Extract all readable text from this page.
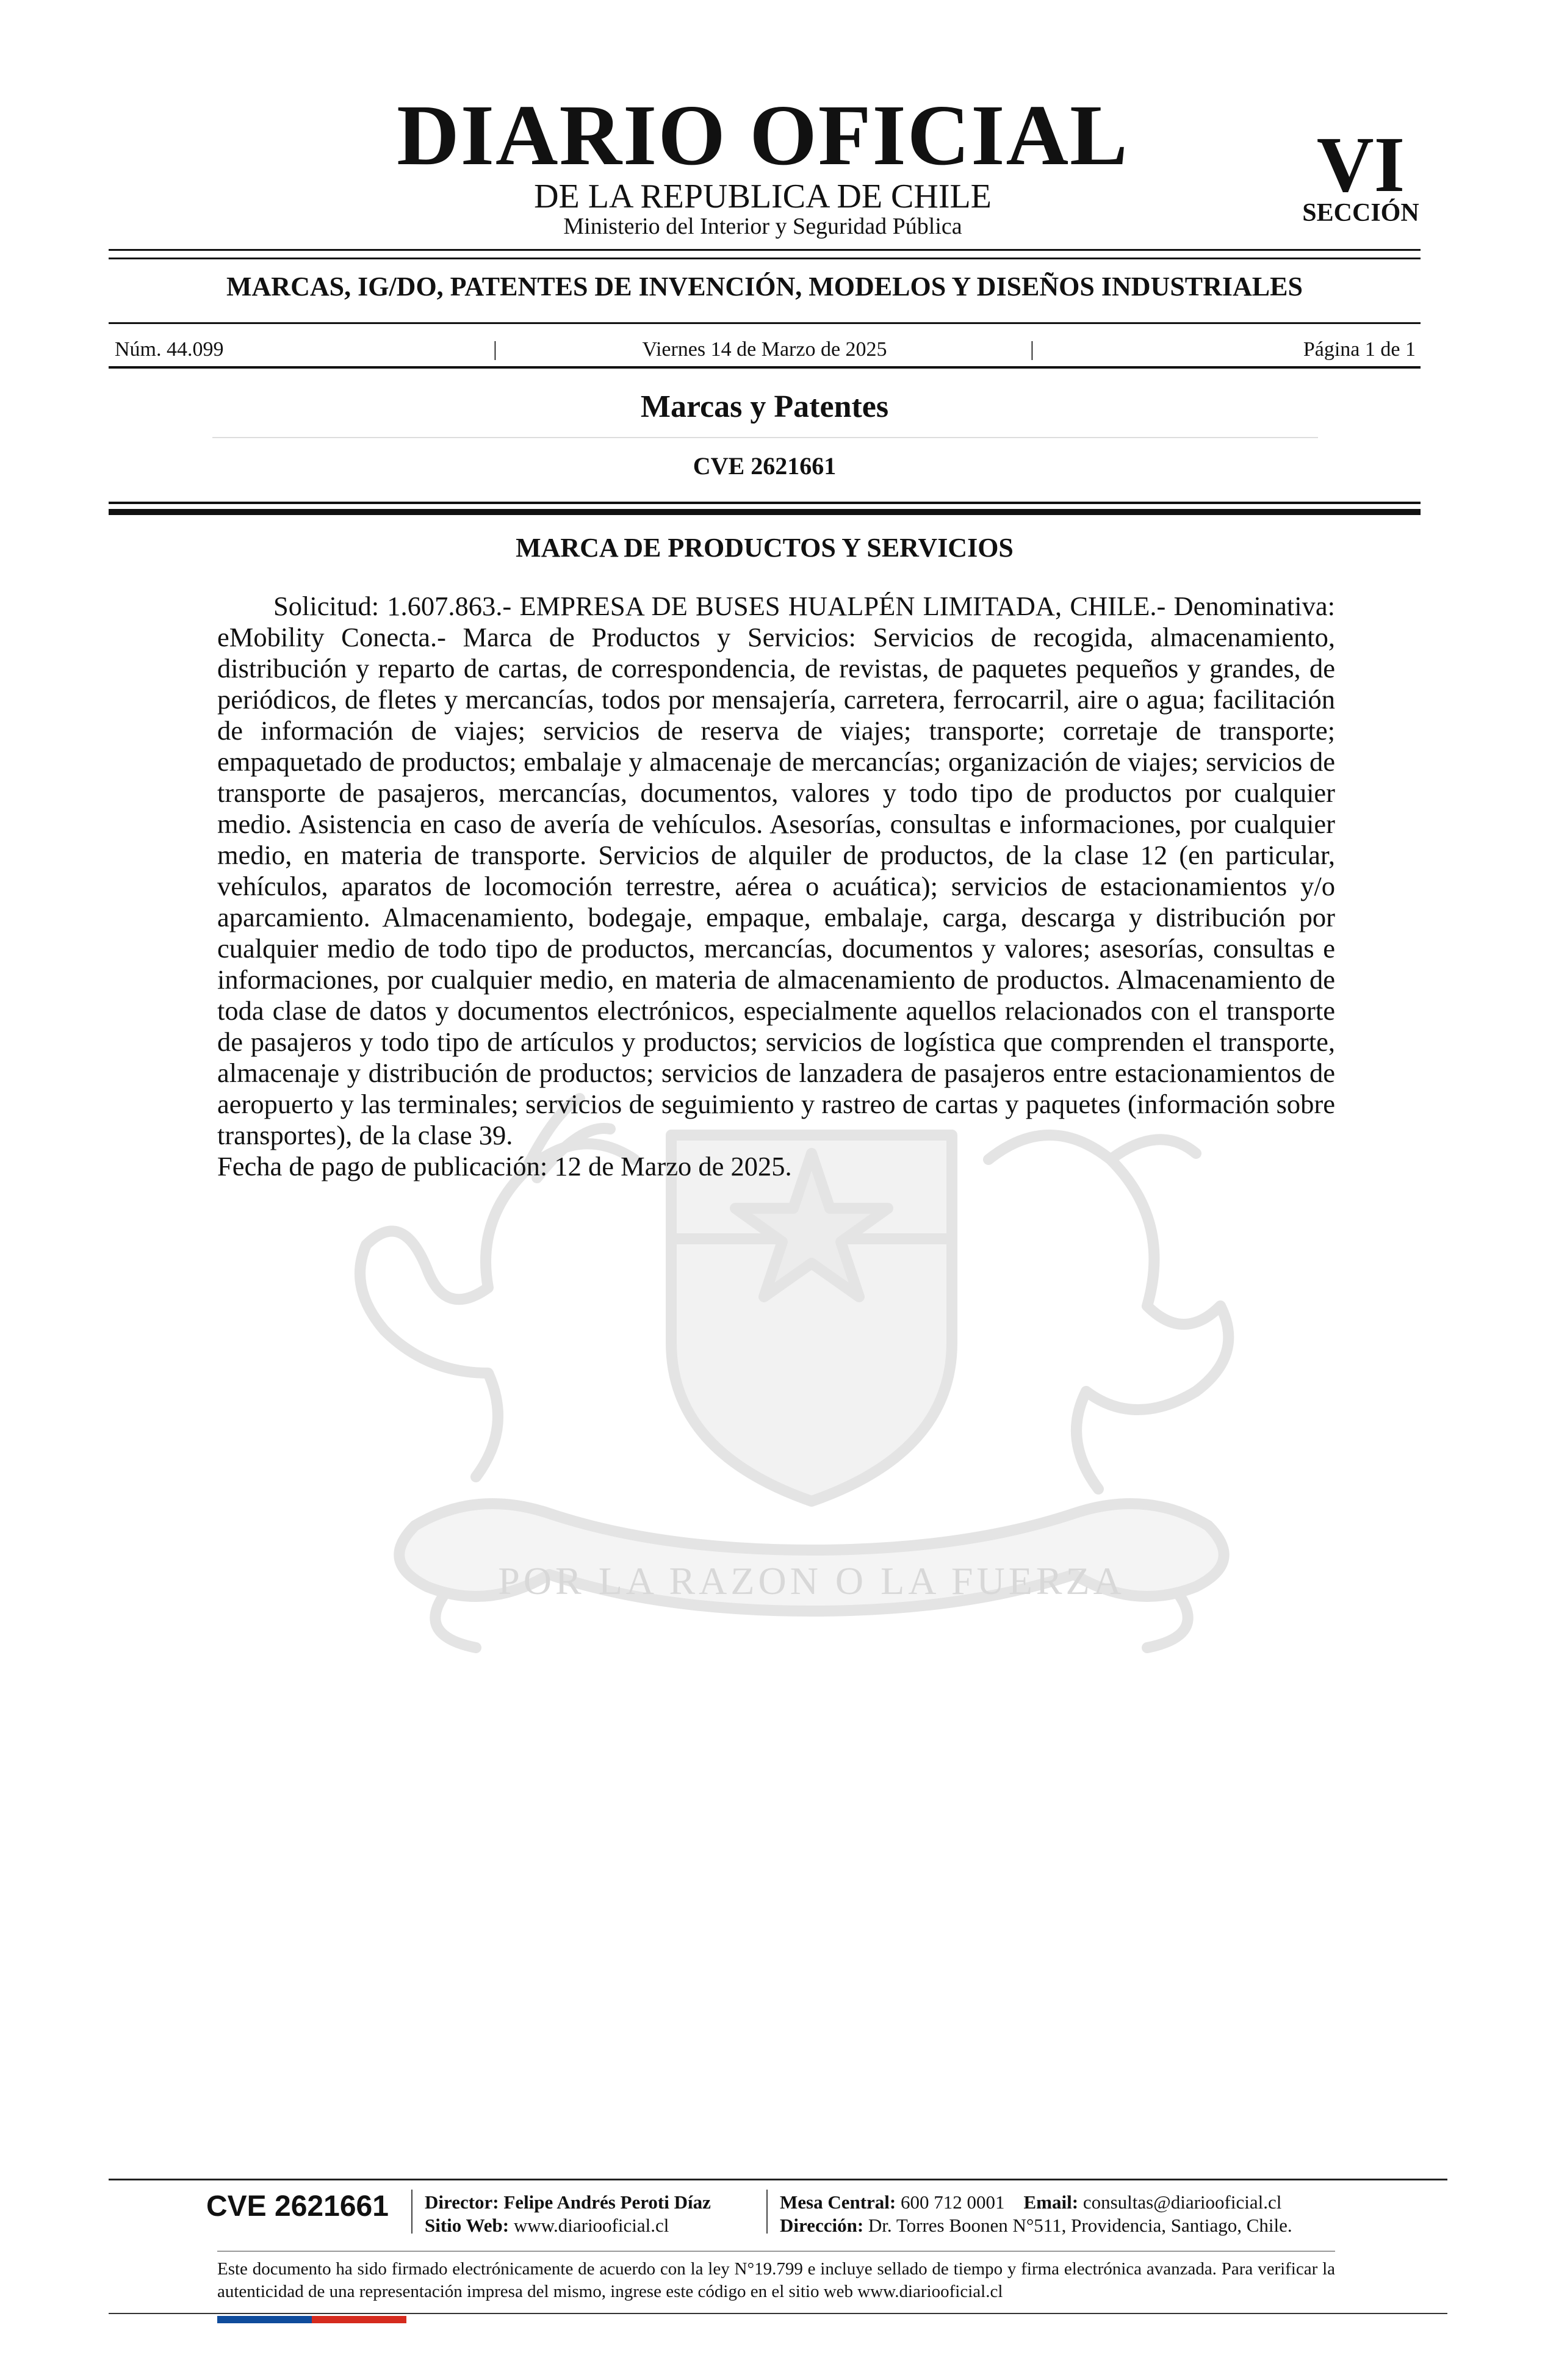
POR LA RAZON O LA FUERZA
DIARIO OFICIAL
DE LA REPUBLICA DE CHILE
Ministerio del Interior y Seguridad Pública
VI
SECCIÓN
MARCAS, IG/DO, PATENTES DE INVENCIÓN, MODELOS Y DISEÑOS INDUSTRIALES
Núm. 44.099	|	Viernes 14 de Marzo de 2025	|	Página 1 de 1
Marcas y Patentes
CVE 2621661
MARCA DE PRODUCTOS Y SERVICIOS

Solicitud: 1.607.863.- EMPRESA DE BUSES HUALPÉN LIMITADA, CHILE.- Denominativa: eMobility Conecta.- Marca de Productos y Servicios: Servicios de recogida, almacenamiento, distribución y reparto de cartas, de correspondencia, de revistas, de paquetes pequeños y grandes, de periódicos, de fletes y mercancías, todos por mensajería, carretera, ferrocarril, aire o agua; facilitación de información de viajes; servicios de reserva de viajes; transporte; corretaje de transporte; empaquetado de productos; embalaje y almacenaje de mercancías; organización de viajes; servicios de transporte de pasajeros, mercancías, documentos, valores y todo tipo de productos por cualquier medio. Asistencia en caso de avería de vehículos. Asesorías, consultas e informaciones, por cualquier medio, en materia de transporte. Servicios de alquiler de productos, de la clase 12 (en particular, vehículos, aparatos de locomoción terrestre, aérea o acuática); servicios de estacionamientos y/o aparcamiento. Almacenamiento, bodegaje, empaque, embalaje, carga, descarga y distribución por cualquier medio de todo tipo de productos, mercancías, documentos y valores; asesorías, consultas e informaciones, por cualquier medio, en materia de almacenamiento de productos. Almacenamiento de toda clase de datos y documentos electrónicos, especialmente aquellos relacionados con el transporte de pasajeros y todo tipo de artículos y productos; servicios de logística que comprenden el transporte, almacenaje y distribución de productos; servicios de lanzadera de pasajeros entre estacionamientos de aeropuerto y las terminales; servicios de seguimiento y rastreo de cartas y paquetes (información sobre transportes), de la clase 39.

Fecha de pago de publicación: 12 de Marzo de 2025.

CVE 2621661	Director: Felipe Andrés Peroti Díaz
Sitio Web: www.diariooficial.cl
Mesa Central: 600 712 0001 Email: consultas@diariooficial.cl
Dirección: Dr. Torres Boonen N°511, Providencia, Santiago, Chile.
Este documento ha sido firmado electrónicamente de acuerdo con la ley N°19.799 e incluye sellado de tiempo y firma electrónica avanzada. Para verificar la autenticidad de una representación impresa del mismo, ingrese este código en el sitio web www.diariooficial.cl
